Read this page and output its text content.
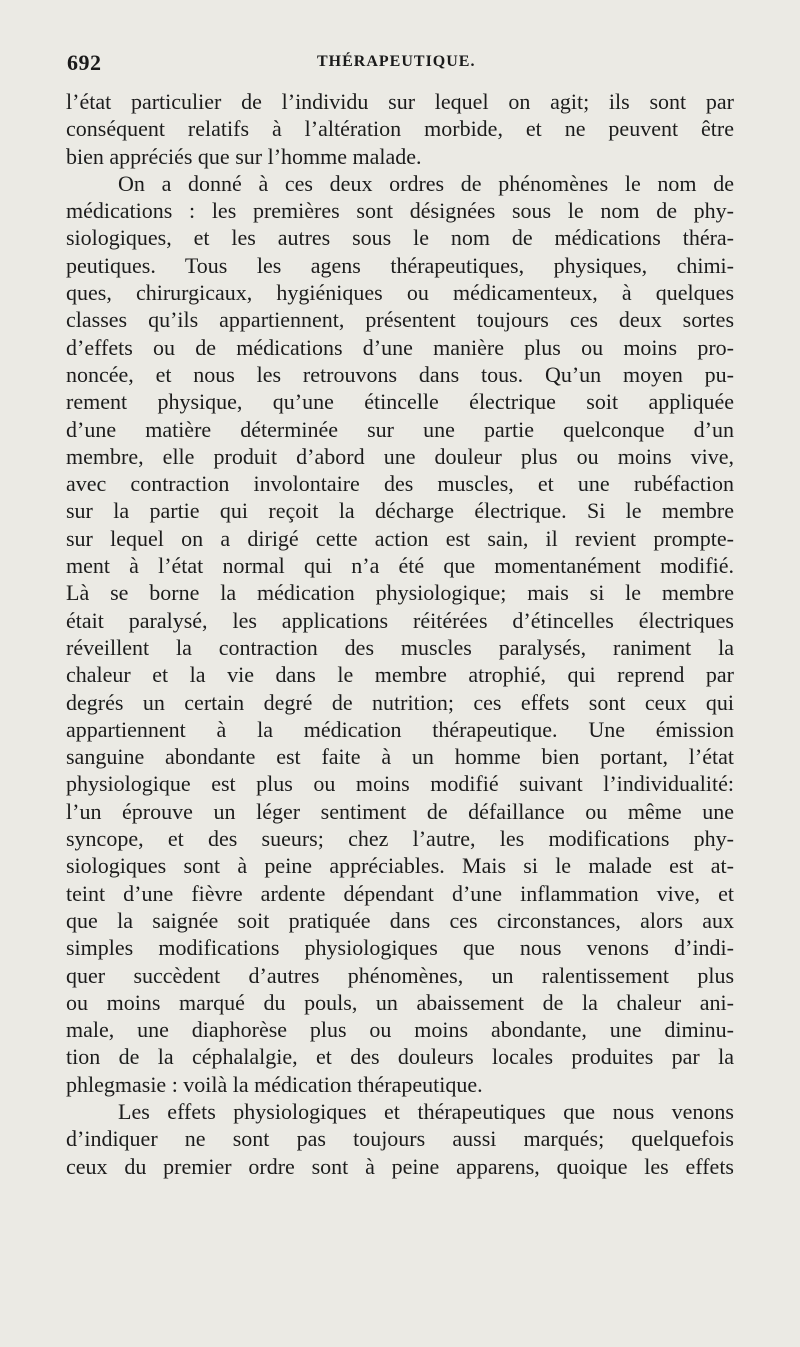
692	THÉRAPEUTIQUE.
l’état particulier de l’individu sur lequel on agit; ils sont par
conséquent relatifs à l’altération morbide, et ne peuvent être
bien appréciés que sur l’homme malade.
On a donné à ces deux ordres de phénomènes le nom de
médications : les premières sont désignées sous le nom de phy-
siologiques, et les autres sous le nom de médications théra-
peutiques. Tous les agens thérapeutiques, physiques, chimi-
ques, chirurgicaux, hygiéniques ou médicamenteux, à quelques
classes qu’ils appartiennent, présentent toujours ces deux sortes
d’effets ou de médications d’une manière plus ou moins pro-
noncée, et nous les retrouvons dans tous. Qu’un moyen pu-
rement physique, qu’une étincelle électrique soit appliquée
d’une matière déterminée sur une partie quelconque d’un
membre, elle produit d’abord une douleur plus ou moins vive,
avec contraction involontaire des muscles, et une rubéfaction
sur la partie qui reçoit la décharge électrique. Si le membre
sur lequel on a dirigé cette action est sain, il revient prompte-
ment à l’état normal qui n’a été que momentanément modifié.
Là se borne la médication physiologique; mais si le membre
était paralysé, les applications réitérées d’étincelles électriques
réveillent la contraction des muscles paralysés, raniment la
chaleur et la vie dans le membre atrophié, qui reprend par
degrés un certain degré de nutrition; ces effets sont ceux qui
appartiennent à la médication thérapeutique. Une émission
sanguine abondante est faite à un homme bien portant, l’état
physiologique est plus ou moins modifié suivant l’individualité:
l’un éprouve un léger sentiment de défaillance ou même une
syncope, et des sueurs; chez l’autre, les modifications phy-
siologiques sont à peine appréciables. Mais si le malade est at-
teint d’une fièvre ardente dépendant d’une inflammation vive, et
que la saignée soit pratiquée dans ces circonstances, alors aux
simples modifications physiologiques que nous venons d’indi-
quer succèdent d’autres phénomènes, un ralentissement plus
ou moins marqué du pouls, un abaissement de la chaleur ani-
male, une diaphorèse plus ou moins abondante, une diminu-
tion de la céphalalgie, et des douleurs locales produites par la
phlegmasie : voilà la médication thérapeutique.
Les effets physiologiques et thérapeutiques que nous venons
d’indiquer ne sont pas toujours aussi marqués; quelquefois
ceux du premier ordre sont à peine apparens, quoique les effets
